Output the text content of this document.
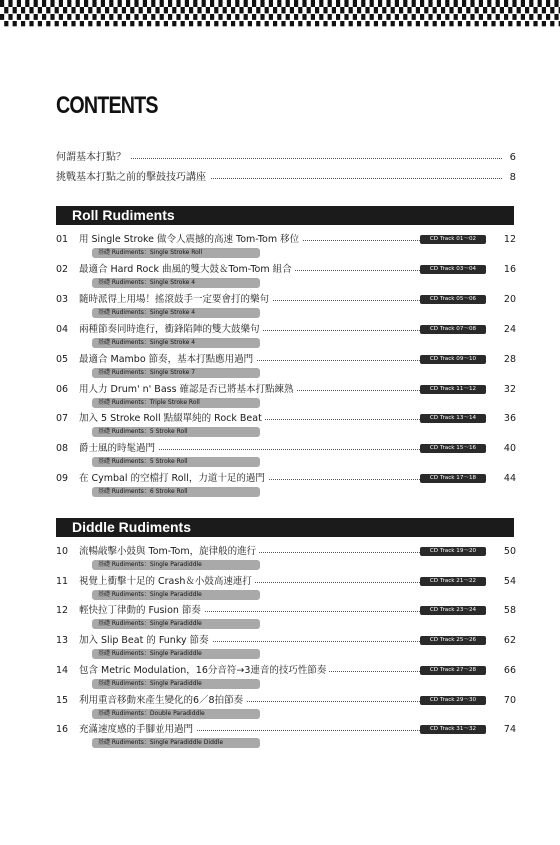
CONTENTS
何謂基本打點？	6
挑戰基本打點之前的擊鼓技巧講座	8
Roll Rudiments
01	用 Single Stroke 做令人震撼的高速 Tom-Tom 移位	CD Track 01～02	12
基礎 Rudiments：Single Stroke Roll
02	最適合 Hard Rock 曲風的雙大鼓＆Tom-Tom 組合	CD Track 03～04	16
基礎 Rudiments：Single Stroke 4
03	隨時派得上用場！搖滾鼓手一定要會打的樂句	CD Track 05～06	20
基礎 Rudiments：Single Stroke 4
04	兩種節奏同時進行，衝鋒陷陣的雙大鼓樂句	CD Track 07～08	24
基礎 Rudiments：Single Stroke 4
05	最適合 Mambo 節奏，基本打點應用過門	CD Track 09～10	28
基礎 Rudiments：Single Stroke 7
06	用人力 Drum' n' Bass 確認是否已將基本打點練熟	CD Track 11～12	32
基礎 Rudiments：Triple Stroke Roll
07	加入 5 Stroke Roll 點綴單純的 Rock Beat	CD Track 13～14	36
基礎 Rudiments：5 Stroke Roll
08	爵士風的時髦過門	CD Track 15～16	40
基礎 Rudiments：5 Stroke Roll
09	在 Cymbal 的空檔打 Roll，力道十足的過門	CD Track 17～18	44
基礎 Rudiments：6 Stroke Roll
Diddle Rudiments
10	流暢敲擊小鼓與 Tom-Tom，旋律般的進行	CD Track 19～20	50
基礎 Rudiments：Single Paradiddle
11	視覺上衝擊十足的 Crash＆小鼓高速連打	CD Track 21～22	54
基礎 Rudiments：Single Paradiddle
12	輕快拉丁律動的 Fusion 節奏	CD Track 23～24	58
基礎 Rudiments：Single Paradiddle
13	加入 Slip Beat 的 Funky 節奏	CD Track 25～26	62
基礎 Rudiments：Single Paradiddle
14	包含 Metric Modulation，16分音符→3連音的技巧性節奏	CD Track 27～28	66
基礎 Rudiments：Single Paradiddle
15	利用重音移動來產生變化的6／8拍節奏	CD Track 29～30	70
基礎 Rudiments：Double Paradiddle
16	充滿速度感的手腳並用過門	CD Track 31～32	74
基礎 Rudiments：Single Paradiddle Diddle
